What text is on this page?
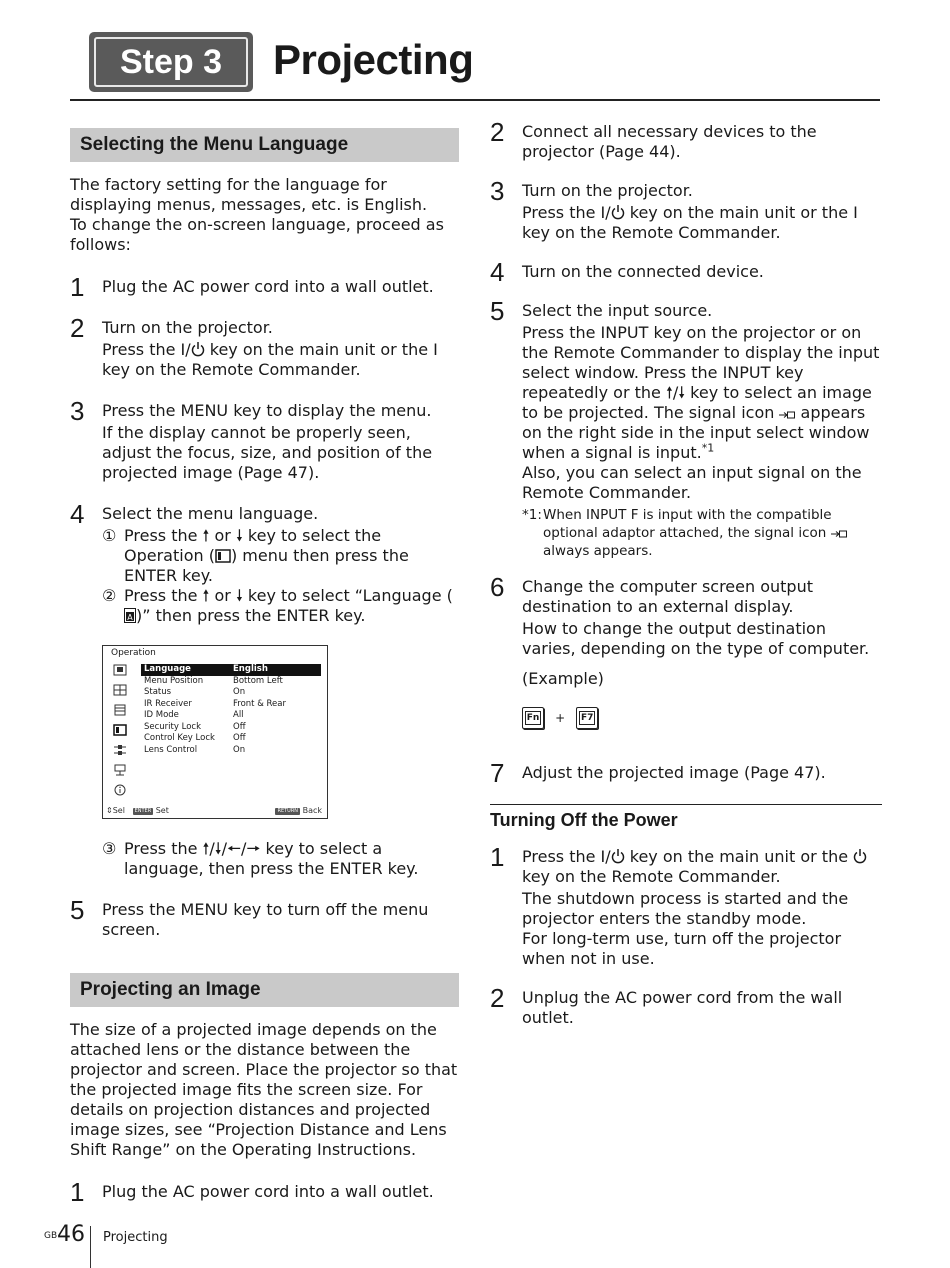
Step 3	Projecting
Selecting the Menu Language

The factory setting for the language for displaying menus, messages, etc. is English.

To change the on-screen language, proceed as follows:

1 Plug the AC power cord into a wall outlet.

2 Turn on the projector.

Press the I/ key on the main unit or the I key on the Remote Commander.

3 Press the MENU key to display the menu.

If the display cannot be properly seen, adjust the focus, size, and position of the projected image (Page 47).

4 Select the menu language.

① Press the 🠕 or 🠗 key to select the Operation ( ) menu then press the ENTER key.
② Press the 🠕 or 🠗 key to select “Language (
A )” then press the ENTER key.
Operation
Language	English
Menu Position	Bottom Left
Status	On
IR Receiver	Front & Rear
ID Mode	All
Security Lock	Off
Control Key Lock Off
Lens Control	On
⇕Sel ENTER Set	RETURN Back
③ Press the 🠕/🠗/🠔/🠖 key to select a language, then press the ENTER key.
5 Press the MENU key to turn off the menu screen.

Projecting an Image

The size of a projected image depends on the attached lens or the distance between the projector and screen. Place the projector so that the projected image fits the screen size. For details on projection distances and projected image sizes, see “Projection Distance and Lens Shift Range” on the Operating Instructions.

1 Plug the AC power cord into a wall outlet.

2 Connect all necessary devices to the projector (Page 44).

3 Turn on the projector.

Press the I/ key on the main unit or the I key on the Remote Commander.

4 Turn on the connected device.

5 Select the input source.

Press the INPUT key on the projector or on the Remote Commander to display the input select window. Press the INPUT key repeatedly or the 🠕/🠗 key to select an image to be projected. The signal icon  appears on the right side in the input select window when a signal is input.$^{*1}$

Also, you can select an input signal on the Remote Commander.

*1: When INPUT F is input with the compatible optional adaptor attached, the signal icon  always appears.
6 Change the computer screen output destination to an external display.

How to change the output destination varies, depending on the type of computer.

(Example)

Fn + F7
7 Adjust the projected image (Page 47).

Turning Off the Power
1 Press the I/ key on the main unit or the  key on the Remote Commander.

The shutdown process is started and the projector enters the standby mode.

For long-term use, turn off the projector when not in use.

2 Unplug the AC power cord from the wall outlet.

GB 46 Projecting
